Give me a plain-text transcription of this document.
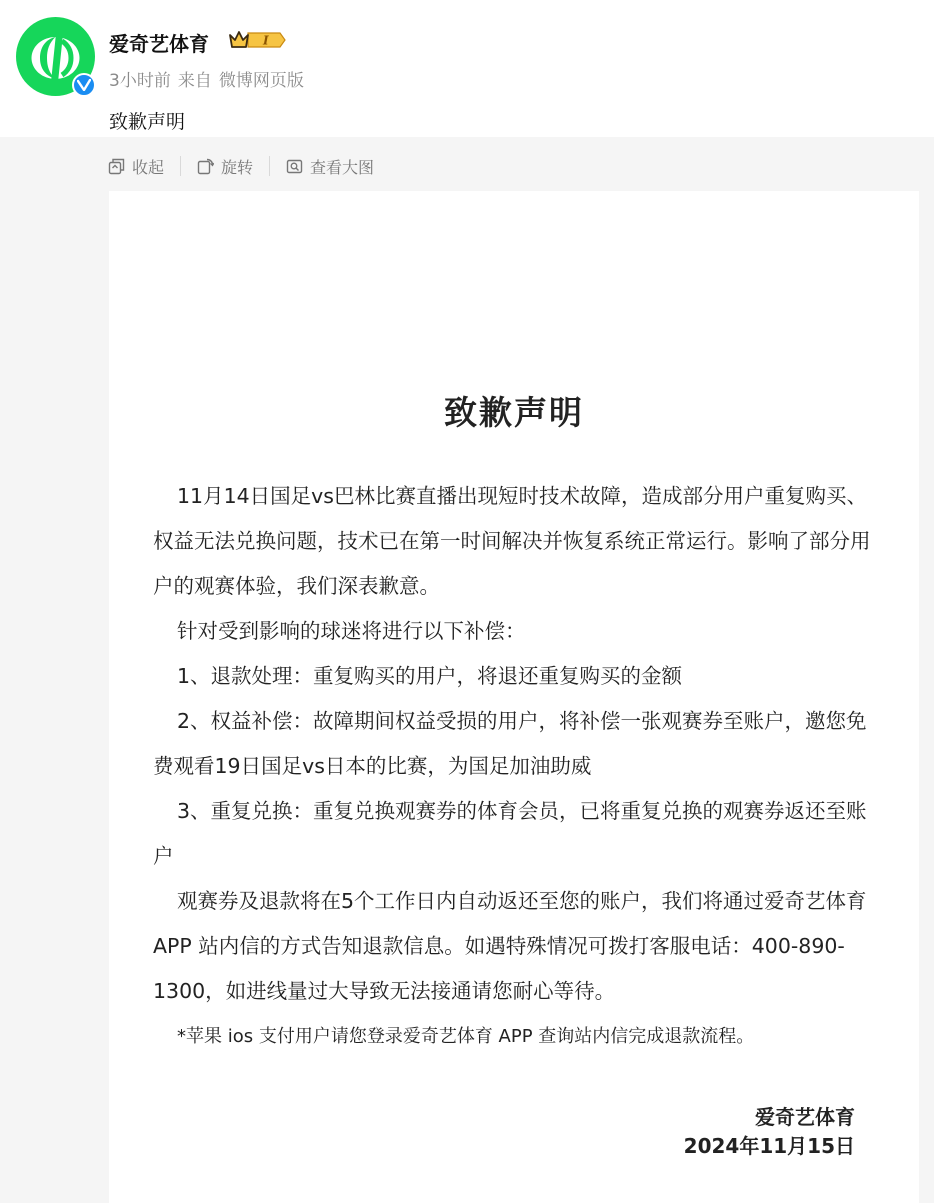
爱奇艺体育	I
3小时前 来自 微博网页版
致歉声明
收起	旋转	查看大图
致歉声明

11月14日国足vs巴林比赛直播出现短时技术故障，造成部分用户重复购买、权益无法兑换问题，技术已在第一时间解决并恢复系统正常运行。影响了部分用户的观赛体验，我们深表歉意。

针对受到影响的球迷将进行以下补偿：

1、退款处理：重复购买的用户，将退还重复购买的金额

2、权益补偿：故障期间权益受损的用户，将补偿一张观赛券至账户，邀您免费观看19日国足vs日本的比赛，为国足加油助威

3、重复兑换：重复兑换观赛券的体育会员，已将重复兑换的观赛券返还至账户

观赛券及退款将在5个工作日内自动返还至您的账户，我们将通过爱奇艺体育 APP 站内信的方式告知退款信息。如遇特殊情况可拨打客服电话：400-890-1300，如进线量过大导致无法接通请您耐心等待。

*苹果 ios 支付用户请您登录爱奇艺体育 APP 查询站内信完成退款流程。

爱奇艺体育
2024年11月15日
